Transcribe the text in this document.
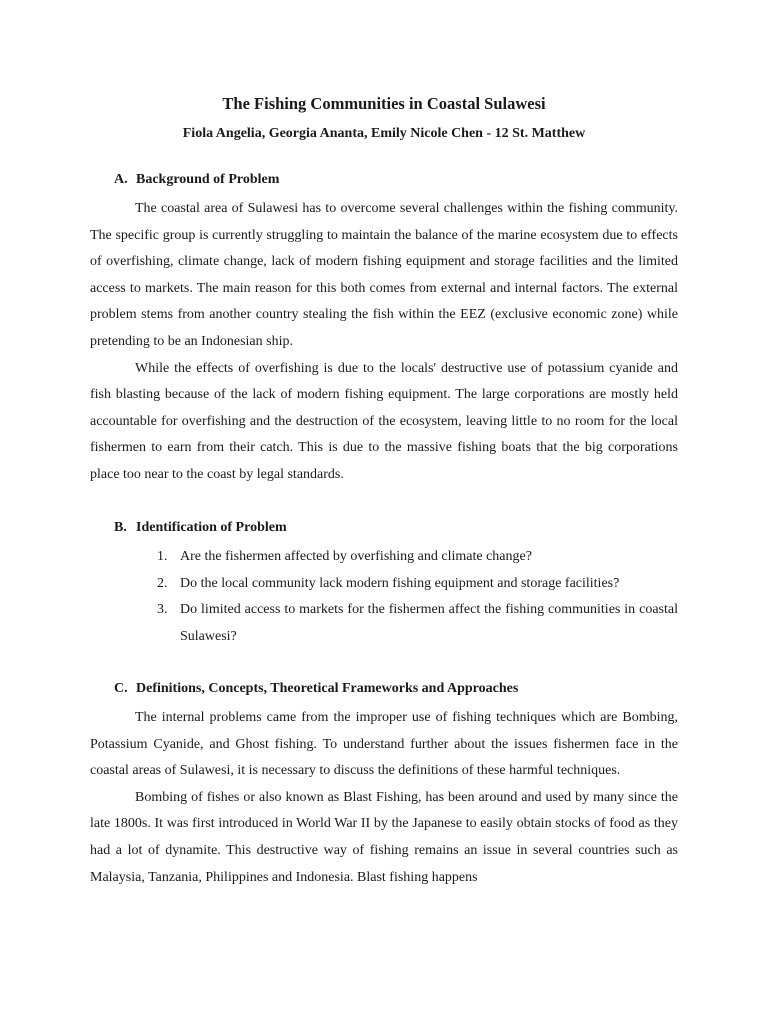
The Fishing Communities in Coastal Sulawesi

Fiola Angelia, Georgia Ananta, Emily Nicole Chen - 12 St. Matthew

A. Background of Problem

The coastal area of Sulawesi has to overcome several challenges within the fishing community. The specific group is currently struggling to maintain the balance of the marine ecosystem due to effects of overfishing, climate change, lack of modern fishing equipment and storage facilities and the limited access to markets. The main reason for this both comes from external and internal factors. The external problem stems from another country stealing the fish within the EEZ (exclusive economic zone) while pretending to be an Indonesian ship.

While the effects of overfishing is due to the locals' destructive use of potassium cyanide and fish blasting because of the lack of modern fishing equipment. The large corporations are mostly held accountable for overfishing and the destruction of the ecosystem, leaving little to no room for the local fishermen to earn from their catch. This is due to the massive fishing boats that the big corporations place too near to the coast by legal standards.

B. Identification of Problem
1. Are the fishermen affected by overfishing and climate change?
2. Do the local community lack modern fishing equipment and storage facilities?
3. Do limited access to markets for the fishermen affect the fishing communities in coastal Sulawesi?
C. Definitions, Concepts, Theoretical Frameworks and Approaches

The internal problems came from the improper use of fishing techniques which are Bombing, Potassium Cyanide, and Ghost fishing. To understand further about the issues fishermen face in the coastal areas of Sulawesi, it is necessary to discuss the definitions of these harmful techniques.

Bombing of fishes or also known as Blast Fishing, has been around and used by many since the late 1800s. It was first introduced in World War II by the Japanese to easily obtain stocks of food as they had a lot of dynamite. This destructive way of fishing remains an issue in several countries such as Malaysia, Tanzania, Philippines and Indonesia. Blast fishing happens
